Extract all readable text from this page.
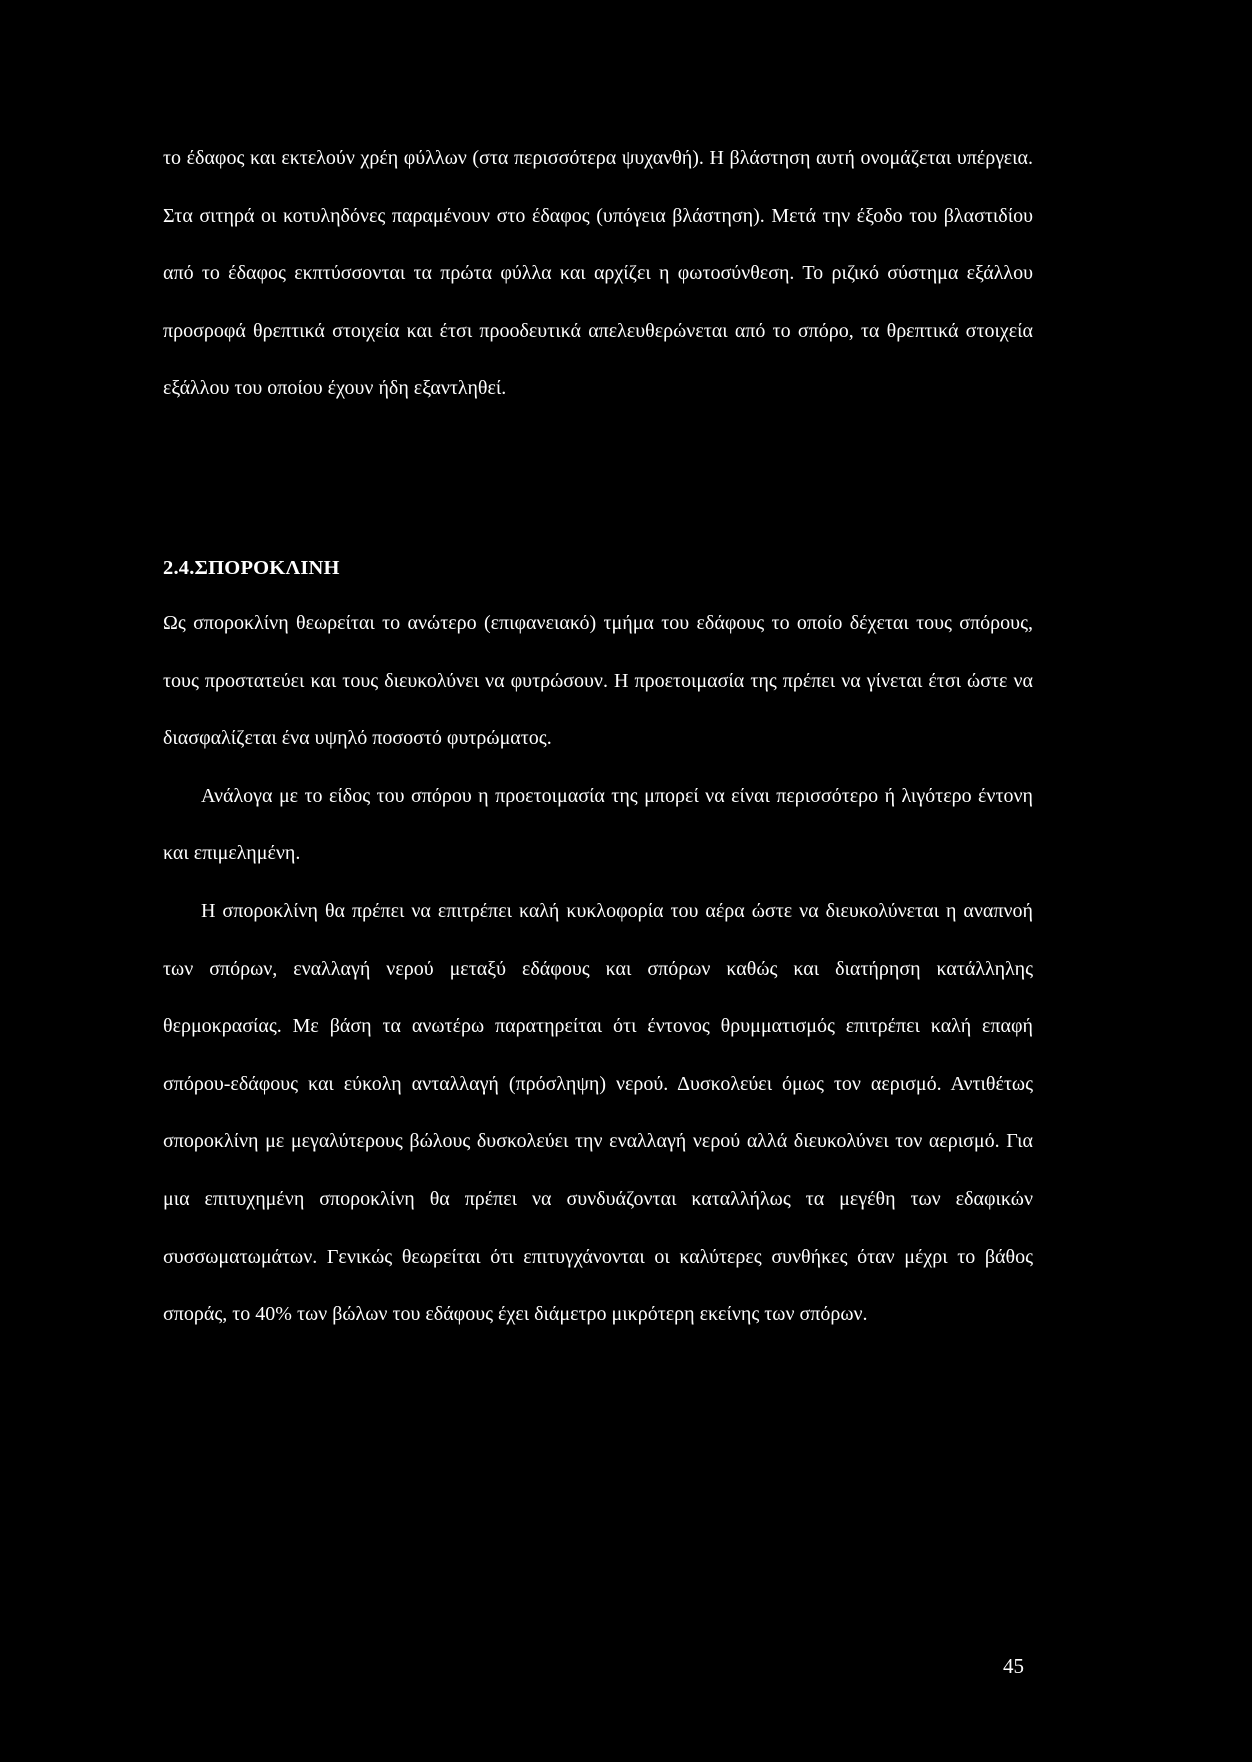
το έδαφος και εκτελούν χρέη φύλλων (στα περισσότερα ψυχανθή). Η βλάστηση αυτή ονομάζεται υπέργεια. Στα σιτηρά οι κοτυληδόνες παραμένουν στο έδαφος (υπόγεια βλάστηση). Μετά την έξοδο του βλαστιδίου από το έδαφος εκπτύσσονται τα πρώτα φύλλα και αρχίζει η φωτοσύνθεση. Το ριζικό σύστημα εξάλλου προσροφά θρεπτικά στοιχεία και έτσι προοδευτικά απελευθερώνεται από το σπόρο, τα θρεπτικά στοιχεία εξάλλου του οποίου έχουν ήδη εξαντληθεί.
2.4.ΣΠΟΡΟΚΛΙΝΗ

Ως σποροκλίνη θεωρείται το ανώτερο (επιφανειακό) τμήμα του εδάφους το οποίο δέχεται τους σπόρους, τους προστατεύει και τους διευκολύνει να φυτρώσουν. Η προετοιμασία της πρέπει να γίνεται έτσι ώστε να διασφαλίζεται ένα υψηλό ποσοστό φυτρώματος.

Ανάλογα με το είδος του σπόρου η προετοιμασία της μπορεί να είναι περισσότερο ή λιγότερο έντονη και επιμελημένη.

Η σποροκλίνη θα πρέπει να επιτρέπει καλή κυκλοφορία του αέρα ώστε να διευκολύνεται η αναπνοή των σπόρων, εναλλαγή νερού μεταξύ εδάφους και σπόρων καθώς και διατήρηση κατάλληλης θερμοκρασίας. Με βάση τα ανωτέρω παρατηρείται ότι έντονος θρυμματισμός επιτρέπει καλή επαφή σπόρου-εδάφους και εύκολη ανταλλαγή (πρόσληψη) νερού. Δυσκολεύει όμως τον αερισμό. Αντιθέτως σποροκλίνη με μεγαλύτερους βώλους δυσκολεύει την εναλλαγή νερού αλλά διευκολύνει τον αερισμό. Για μια επιτυχημένη σποροκλίνη θα πρέπει να συνδυάζονται καταλλήλως τα μεγέθη των εδαφικών συσσωματωμάτων. Γενικώς θεωρείται ότι επιτυγχάνονται οι καλύτερες συνθήκες όταν μέχρι το βάθος σποράς, το 40% των βώλων του εδάφους έχει διάμετρο μικρότερη εκείνης των σπόρων.

45
